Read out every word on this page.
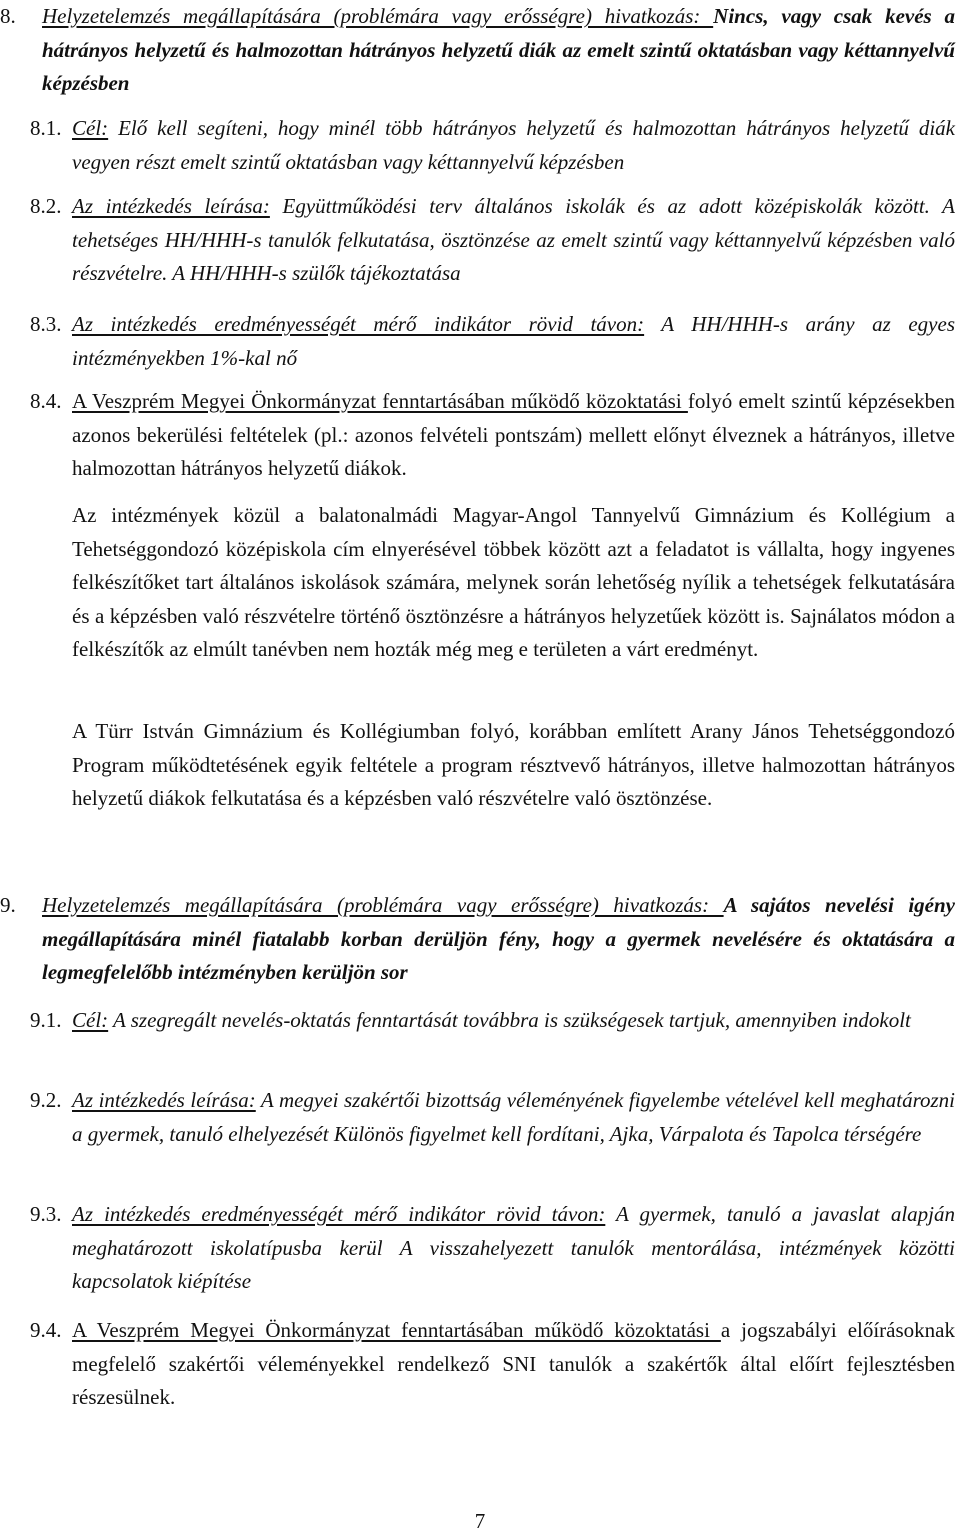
8.	Helyzetelemzés megállapítására (problémára vagy erősségre) hivatkozás: Nincs, vagy csak kevés a hátrányos helyzetű és halmozottan hátrányos helyzetű diák az emelt szintű oktatásban vagy kéttannyelvű képzésben
8.1. Cél: Elő kell segíteni, hogy minél több hátrányos helyzetű és halmozottan hátrányos helyzetű diák vegyen részt emelt szintű oktatásban vagy kéttannyelvű képzésben
8.2. Az intézkedés leírása: Együttműködési terv általános iskolák és az adott középiskolák között. A tehetséges HH/HHH-s tanulók felkutatása, ösztönzése az emelt szintű vagy kéttannyelvű képzésben való részvételre. A HH/HHH-s szülők tájékoztatása
8.3. Az intézkedés eredményességét mérő indikátor rövid távon: A HH/HHH-s arány az egyes intézményekben 1%-kal nő
8.4. A Veszprém Megyei Önkormányzat fenntartásában működő közoktatási folyó emelt szintű képzésekben azonos bekerülési feltételek (pl.: azonos felvételi pontszám) mellett előnyt élveznek a hátrányos, illetve halmozottan hátrányos helyzetű diákok.
Az intézmények közül a balatonalmádi Magyar-Angol Tannyelvű Gimnázium és Kollégium a Tehetséggondozó középiskola cím elnyerésével többek között azt a feladatot is vállalta, hogy ingyenes felkészítőket tart általános iskolások számára, melynek során lehetőség nyílik a tehetségek felkutatására és a képzésben való részvételre történő ösztönzésre a hátrányos helyzetűek között is. Sajnálatos módon a felkészítők az elmúlt tanévben nem hozták még meg e területen a várt eredményt.
A Türr István Gimnázium és Kollégiumban folyó, korábban említett Arany János Tehetséggondozó Program működtetésének egyik feltétele a program résztvevő hátrányos, illetve halmozottan hátrányos helyzetű diákok felkutatása és a képzésben való részvételre való ösztönzése.
9.	Helyzetelemzés megállapítására (problémára vagy erősségre) hivatkozás: A sajátos nevelési igény megállapítására minél fiatalabb korban derüljön fény, hogy a gyermek nevelésére és oktatására a legmegfelelőbb intézményben kerüljön sor
9.1. Cél: A szegregált nevelés-oktatás fenntartását továbbra is szükségesek tartjuk, amennyiben indokolt
9.2. Az intézkedés leírása: A megyei szakértői bizottság véleményének figyelembe vételével kell meghatározni a gyermek, tanuló elhelyezését Különös figyelmet kell fordítani, Ajka, Várpalota és Tapolca térségére
9.3. Az intézkedés eredményességét mérő indikátor rövid távon: A gyermek, tanuló a javaslat alapján meghatározott iskolatípusba kerül A visszahelyezett tanulók mentorálása, intézmények közötti kapcsolatok kiépítése
9.4. A Veszprém Megyei Önkormányzat fenntartásában működő közoktatási a jogszabályi előírásoknak megfelelő szakértői véleményekkel rendelkező SNI tanulók a szakértők által előírt fejlesztésben részesülnek.
7
